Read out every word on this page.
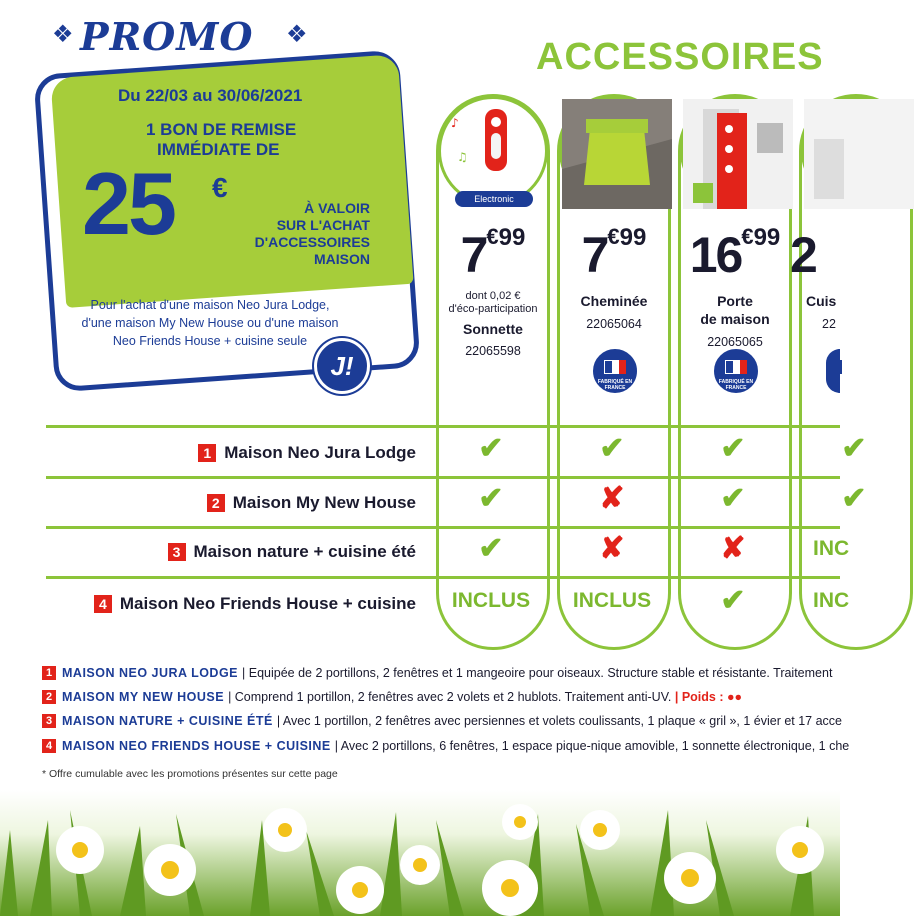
❖ PROMO ❖
Du 22/03 au 30/06/2021
1 BON DE REMISE
IMMÉDIATE DE
25 €
À VALOIR
SUR L'ACHAT
D'ACCESSOIRES
MAISON
Pour l'achat d'une maison Neo Jura Lodge,
d'une maison My New House ou d'une maison
Neo Friends House + cuisine seule
J!
ACCESSOIRES
♪
♫
Electronic
7€99	7€99 16€99 2
dont 0,02 €
d'éco-participation
Sonnette
22065598
Cheminée
22065064
Porte
de maison
22065065
Cuis
22
FABRIQUÉ EN FRANCE
FABRIQUÉ EN FRANCE
1 Maison Neo Jura Lodge
2 Maison My New House
3 Maison nature + cuisine été
4 Maison Neo Friends House + cuisine
✔	✔	✔	✔
✔	✘	✔	✔
✔	✘	✘	INC
INCLUS	INCLUS	✔	INC
1 MAISON NEO JURA LODGE | Equipée de 2 portillons, 2 fenêtres et 1 mangeoire pour oiseaux. Structure stable et résistante. Traitement
2 MAISON MY NEW HOUSE | Comprend 1 portillon, 2 fenêtres avec 2 volets et 2 hublots. Traitement anti-UV.
| Poids : ●●
3 MAISON NATURE + CUISINE ÉTÉ | Avec 1 portillon, 2 fenêtres avec persiennes et volets coulissants, 1 plaque « gril », 1 évier et 17 acce
4 MAISON NEO FRIENDS HOUSE + CUISINE | Avec 2 portillons, 6 fenêtres, 1 espace pique-nique amovible, 1 sonnette électronique, 1 che
* Offre cumulable avec les promotions présentes sur cette page
